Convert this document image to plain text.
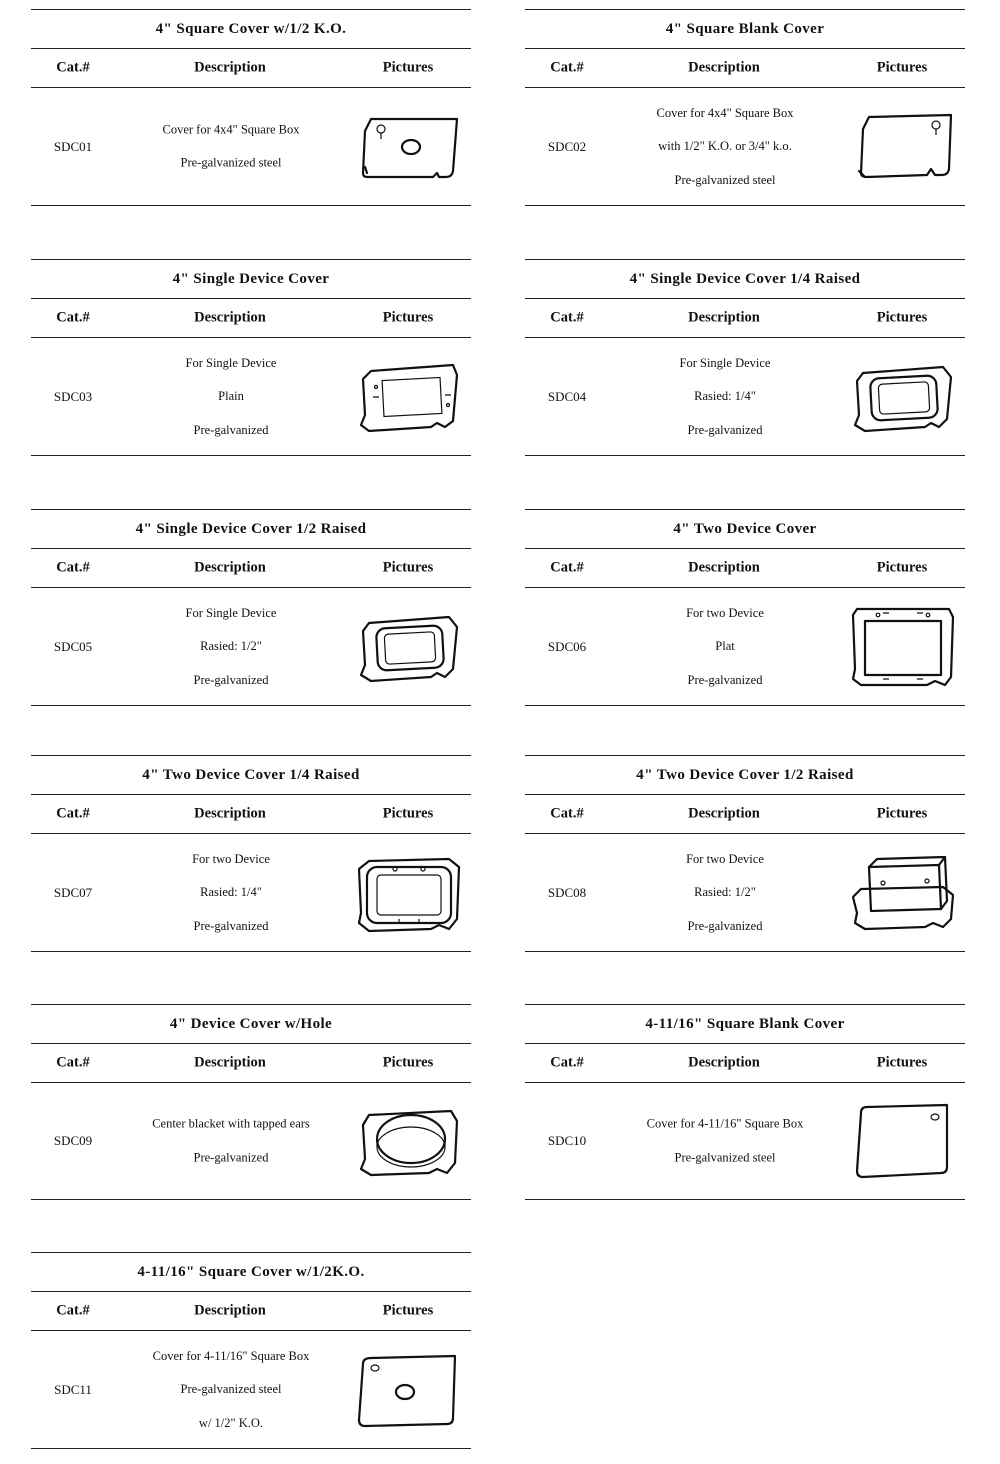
4" Square Cover w/1/2 K.O.
Cat.#	Description	Pictures
SDC01
Cover for 4x4" Square Box
Pre-galvanized steel
4" Square Blank Cover
Cat.#	Description	Pictures
SDC02
Cover for 4x4" Square Box
with 1/2" K.O. or 3/4" k.o.
Pre-galvanized steel
4" Single Device Cover
Cat.#	Description	Pictures
SDC03
For Single Device
Plain
Pre-galvanized
4" Single Device Cover 1/4 Raised
Cat.#	Description	Pictures
SDC04
For Single Device
Rasied: 1/4"
Pre-galvanized
4" Single Device Cover 1/2 Raised
Cat.#	Description	Pictures
SDC05
For Single Device
Rasied: 1/2"
Pre-galvanized
4" Two Device Cover
Cat.#	Description	Pictures
SDC06
For two Device
Plat
Pre-galvanized
4" Two Device Cover 1/4 Raised
Cat.#	Description	Pictures
SDC07
For two Device
Rasied: 1/4"
Pre-galvanized
4" Two Device Cover 1/2 Raised
Cat.#	Description	Pictures
SDC08
For two Device
Rasied: 1/2"
Pre-galvanized
4" Device Cover w/Hole
Cat.#	Description	Pictures
SDC09
Center blacket with tapped ears
Pre-galvanized
4-11/16" Square Blank Cover
Cat.#	Description	Pictures
SDC10
Cover for 4-11/16" Square Box
Pre-galvanized steel
4-11/16" Square Cover w/1/2K.O.
Cat.#	Description	Pictures
SDC11
Cover for 4-11/16" Square Box
Pre-galvanized steel
w/ 1/2" K.O.
